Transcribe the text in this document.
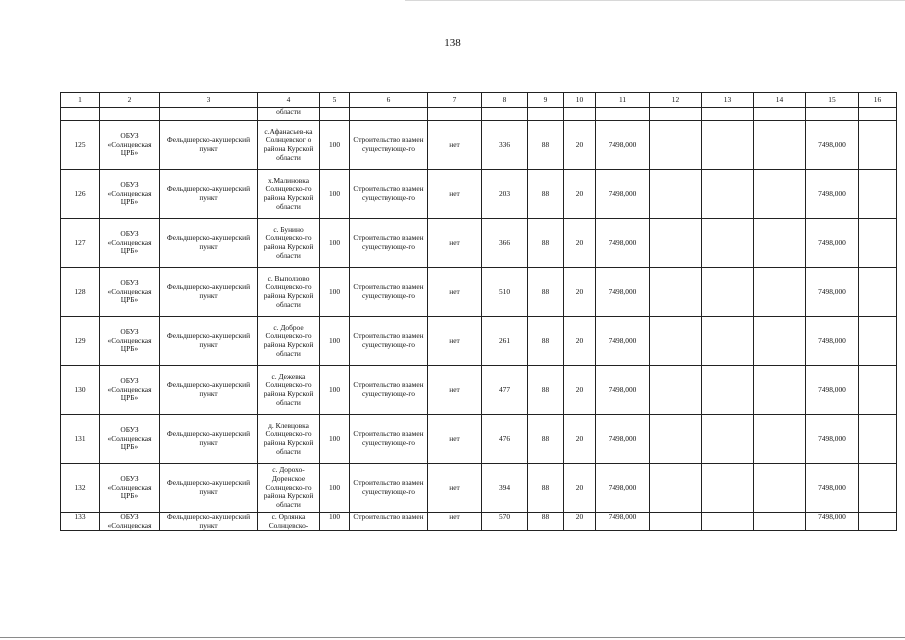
138
1	2	3	4	5	6	7	8	9	10	11	12	13	14	15	16
			области												
125	ОБУЗ «Солнцевская ЦРБ»	Фельдшерско-акушерский пункт	с.Афанасьев-ка Солнцевског о района Курской области	100	Строительство взамен существующе-го	нет	336	88	20	7498,000				7498,000	
126	ОБУЗ «Солнцевская ЦРБ»	Фельдшерско-акушерский пункт	х.Малиновка Солнцевско-го района Курской области	100	Строительство взамен существующе-го	нет	203	88	20	7498,000				7498,000	
127	ОБУЗ «Солнцевская ЦРБ»	Фельдшерско-акушерский пункт	с. Бунино Солнцевско-го района Курской области	100	Строительство взамен существующе-го	нет	366	88	20	7498,000				7498,000	
128	ОБУЗ «Солнцевская ЦРБ»	Фельдшерско-акушерский пункт	с. Выползово Солнцевско-го района Курской области	100	Строительство взамен существующе-го	нет	510	88	20	7498,000				7498,000	
129	ОБУЗ «Солнцевская ЦРБ»	Фельдшерско-акушерский пункт	с. Доброе Солнцевско-го района Курской области	100	Строительство взамен существующе-го	нет	261	88	20	7498,000				7498,000	
130	ОБУЗ «Солнцевская ЦРБ»	Фельдшерско-акушерский пункт	с. Дежевка Солнцевско-го района Курской области	100	Строительство взамен существующе-го	нет	477	88	20	7498,000				7498,000	
131	ОБУЗ «Солнцевская ЦРБ»	Фельдшерско-акушерский пункт	д. Клевцовка Солнцевско-го района Курской области	100	Строительство взамен существующе-го	нет	476	88	20	7498,000				7498,000	
132	ОБУЗ «Солнцевская ЦРБ»	Фельдшерско-акушерский пункт	с. Дорохо-Доренское Солнцевско-го района Курской области	100	Строительство взамен существующе-го	нет	394	88	20	7498,000				7498,000	
133	ОБУЗ «Солнцевская	Фельдшерско-акушерский пункт	с. Орлянка Солнцевско-	100	Строительство взамен	нет	570	88	20	7498,000				7498,000	
